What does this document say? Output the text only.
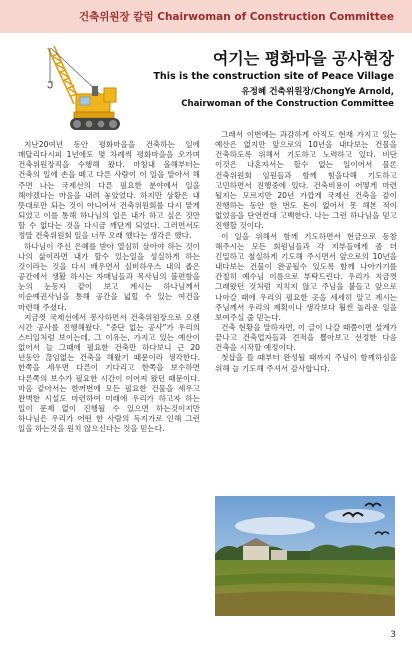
건축위원장 칼럼 Chairwoman of Construction Committee
여기는 평화마을 공사현장
This is the construction site of Peace Village
유정혜 건축위원장/ChongYe Arnold,
Chairwoman of the Construction Committee

지난20여년 동안 평화마을을 건축하는 일에 매달리다시피 1년에도 몇 차례씩 평화마을을 오가며 건축위원장직을 수행해 왔다. 마침내 올해부터는 건축의 일에 손을 떼고 다른 사람이 이 일을 맡아서 해 주면 나는 국제선의 다른 필요한 분야에서 일을 해야겠다는 마음을 내려 놓았었다. 하지만 상황은 내 뜻대로만 되는 것이 아니어서 건축위원회를 다시 맡게 되었고 이를 통해 하나님의 일은 내가 하고 싶은 것만 할 수 없다는 것을 다시금 깨닫게 되었다. 그러면서도 정말 건축위원회 일을 너무 오래 했다는 생각은 했다.

하나님이 주신 은혜를 받아 열심히 살아야 하는 것이 나의 삶이라면 내가 할수 있는일을 성실하게 하는 것이라는 것을 다시 배우면서 심비하우스 내의 좁은 공간에서 생활 하시는 자매님들과 목사님의 불편함을 눈의 눈동자 같이 보고 계시는 하나님께서 이순예권사님을 통해 공간을 넓힐 수 있는 여건을 마련해 주셨다.

지금껏 국제선에서 봉사하면서 건축위원장으로 오랜 시간 공사를 진행해왔다. “중단 없는 공사”가 우리의 스티일처럼 보이는데, 그 이유는, 가지고 있는 예산이 없어서 늘 그때에 필요한 건축만 하다보니 근 20 년동안 끊임없는 건축을 해왔기 때문이라 생각한다. 한쪽을 세우면 다른이 기다리고 한쪽을 보수하면 다른쪽의 보수가 필요한 시간이 이어져 왔던 때문이다. 마음 같아서는 한꺼번에 모든 필요한 건물을 세우고 완벽한 시설도 마련하여 미래에 우리가 하고자 하는 일이 문제 없이 진행될 수 있으면 하는것이지만 하나님은 우리가 어떤 한 사람의 독지가로 인해 그런 일을 하는것을 원치 않으신다는 것을 믿는다.

그래서 이번에는 과감하게 아직도 현재 가지고 있는 예산은 없지만 앞으로의 10년을 내다보는 건물을 건축하도록 위해서 기도하고 노력하고 있다. 비단 이것은 나혼자서는 할수 없는 일이어서 물론 건축위원회 임원들과 함께 힘을다해 기도하고 고민하면서 진행중에 있다. 건축비용이 어떻게 마련 될지는 모르지만 20년 가깝게 국제선 건축을 같이 진행하는 동안 한 번도 돈이 없어서 못 해본 적이 없었음을 단연컨대 고백한다. 나는 그런 하나님을 믿고 진행할 것이다.

이 일을 위해서 함께 기도하면서 현금으로 동참 해주시는 모든 회원님들과 각 지부들에게 좀 더 긴밀하고 철실하게 기도해 주시면서 앞으로의 10년을 내다보는 건물이 완공될수 있도록 함께 나아가기를 간절히 예수님 이름으로 부탁드린다. 우리가 지금껏 그래왔던 것처럼 지치지 않고 주님을 붙들고 앞으로 나아갈 때에 우리의 필요한 곳을 세세히 알고 계시는 주님께서 우리의 계획이나 생각보다 훨씬 놀라운 일을 보여주실 줄 믿는다.

건축 현황을 말하자면, 이 글이 나갈 때쯤이면 설계가 끝나고 건축업자들과 견적을 뽑아보고 선정한 다음 건축을 시작할 예정이다.

첫삽을 뜰 때부터 완성될 때까지 주님이 함께하심을 위해 늘 기도해 주셔서 감사합니다.

3
